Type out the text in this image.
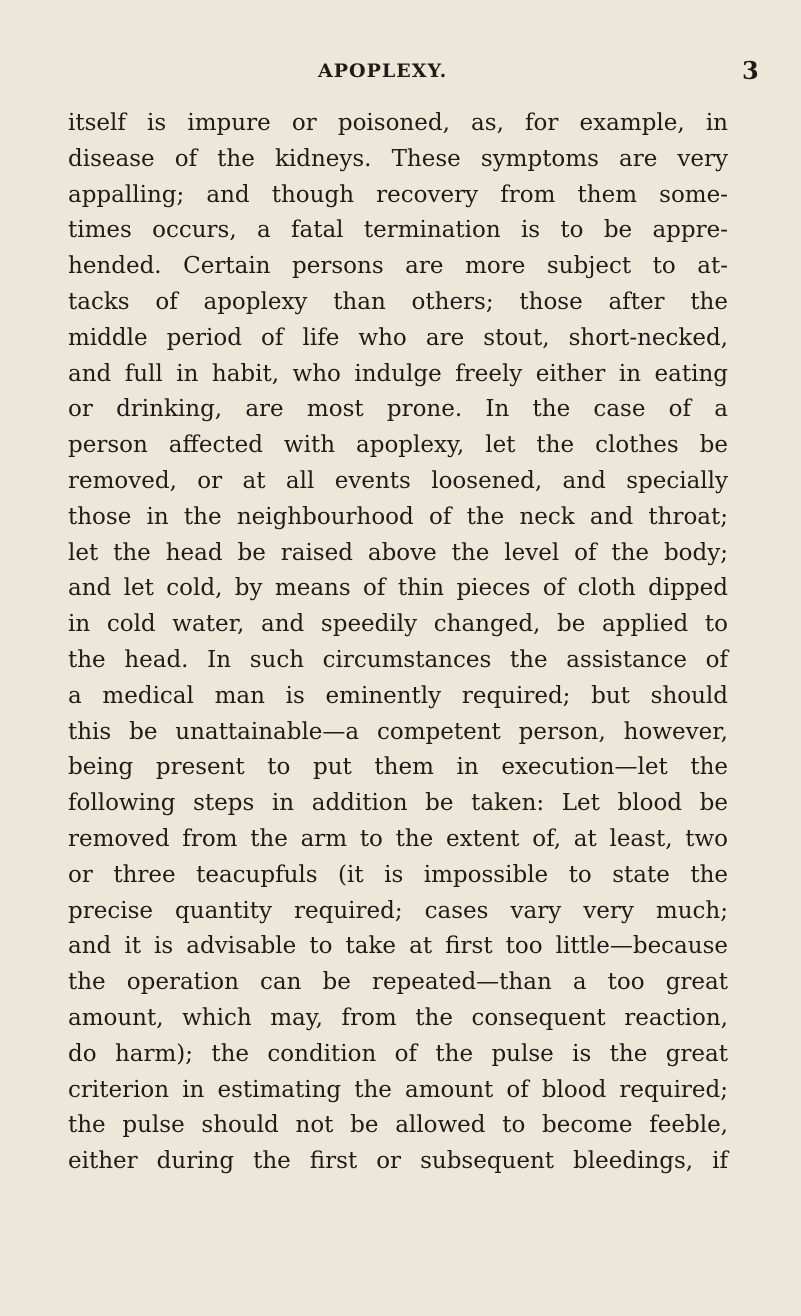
APOPLEXY.	3
itself is impure or poisoned, as, for example, in
disease of the kidneys. These symptoms are very
appalling; and though recovery from them some-
times occurs, a fatal termination is to be appre-
hended. Certain persons are more subject to at-
tacks of apoplexy than others; those after the
middle period of life who are stout, short-necked,
and full in habit, who indulge freely either in eating
or drinking, are most prone. In the case of a
person affected with apoplexy, let the clothes be
removed, or at all events loosened, and specially
those in the neighbourhood of the neck and throat;
let the head be raised above the level of the body;
and let cold, by means of thin pieces of cloth dipped
in cold water, and speedily changed, be applied to
the head. In such circumstances the assistance of
a medical man is eminently required; but should
this be unattainable—a competent person, however,
being present to put them in execution—let the
following steps in addition be taken: Let blood be
removed from the arm to the extent of, at least, two
or three teacupfuls (it is impossible to state the
precise quantity required; cases vary very much;
and it is advisable to take at first too little—because
the operation can be repeated—than a too great
amount, which may, from the consequent reaction,
do harm); the condition of the pulse is the great
criterion in estimating the amount of blood required;
the pulse should not be allowed to become feeble,
either during the first or subsequent bleedings, if
